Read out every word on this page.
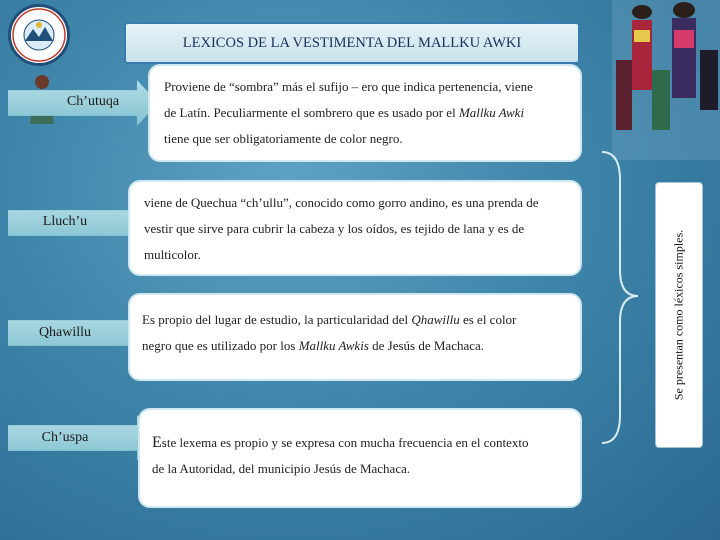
LEXICOS DE LA VESTIMENTA DEL MALLKU AWKI
Ch’utuqa
Lluch’u
Qhawillu
Ch’uspa

Proviene de “sombra” más el sufijo – ero que indica pertenencia, viene

de Latín. Peculiarmente el sombrero que es usado por el Mallku Awki

tiene que ser obligatoriamente de color negro.

viene de Quechua “ch’ullu”, conocido como gorro andino, es una prenda de

vestir que sirve para cubrir la cabeza y los oídos, es tejido de lana y es de

multicolor.

Es propio del lugar de estudio, la particularidad del Qhawillu es el color

negro que es utilizado por los Mallku Awkis de Jesús de Machaca.

Este lexema es propio y se expresa con mucha frecuencia en el contexto

de la Autoridad, del municipio Jesús de Machaca.

Se presentan como léxicos simples.
